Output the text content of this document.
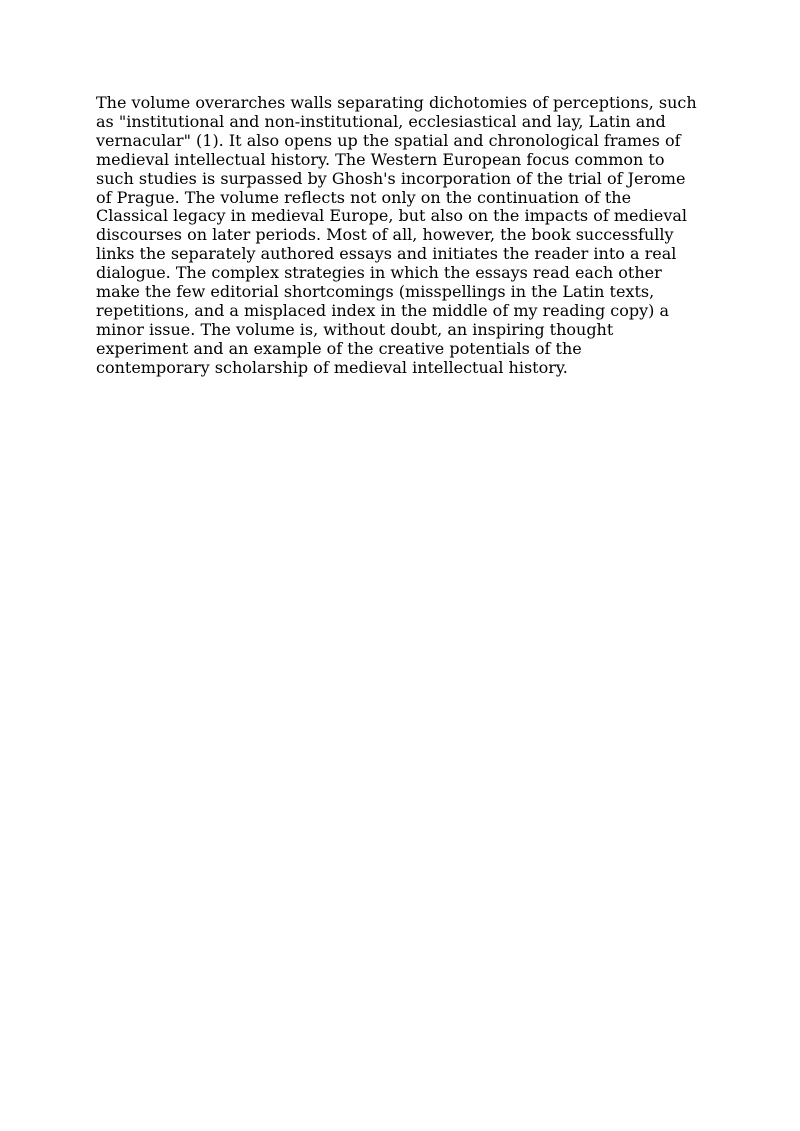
The volume overarches walls separating dichotomies of perceptions, such
as "institutional and non-institutional, ecclesiastical and lay, Latin and
vernacular" (1). It also opens up the spatial and chronological frames of
medieval intellectual history. The Western European focus common to
such studies is surpassed by Ghosh's incorporation of the trial of Jerome
of Prague. The volume reflects not only on the continuation of the
Classical legacy in medieval Europe, but also on the impacts of medieval
discourses on later periods. Most of all, however, the book successfully
links the separately authored essays and initiates the reader into a real
dialogue. The complex strategies in which the essays read each other
make the few editorial shortcomings (misspellings in the Latin texts,
repetitions, and a misplaced index in the middle of my reading copy) a
minor issue. The volume is, without doubt, an inspiring thought
experiment and an example of the creative potentials of the
contemporary scholarship of medieval intellectual history.
